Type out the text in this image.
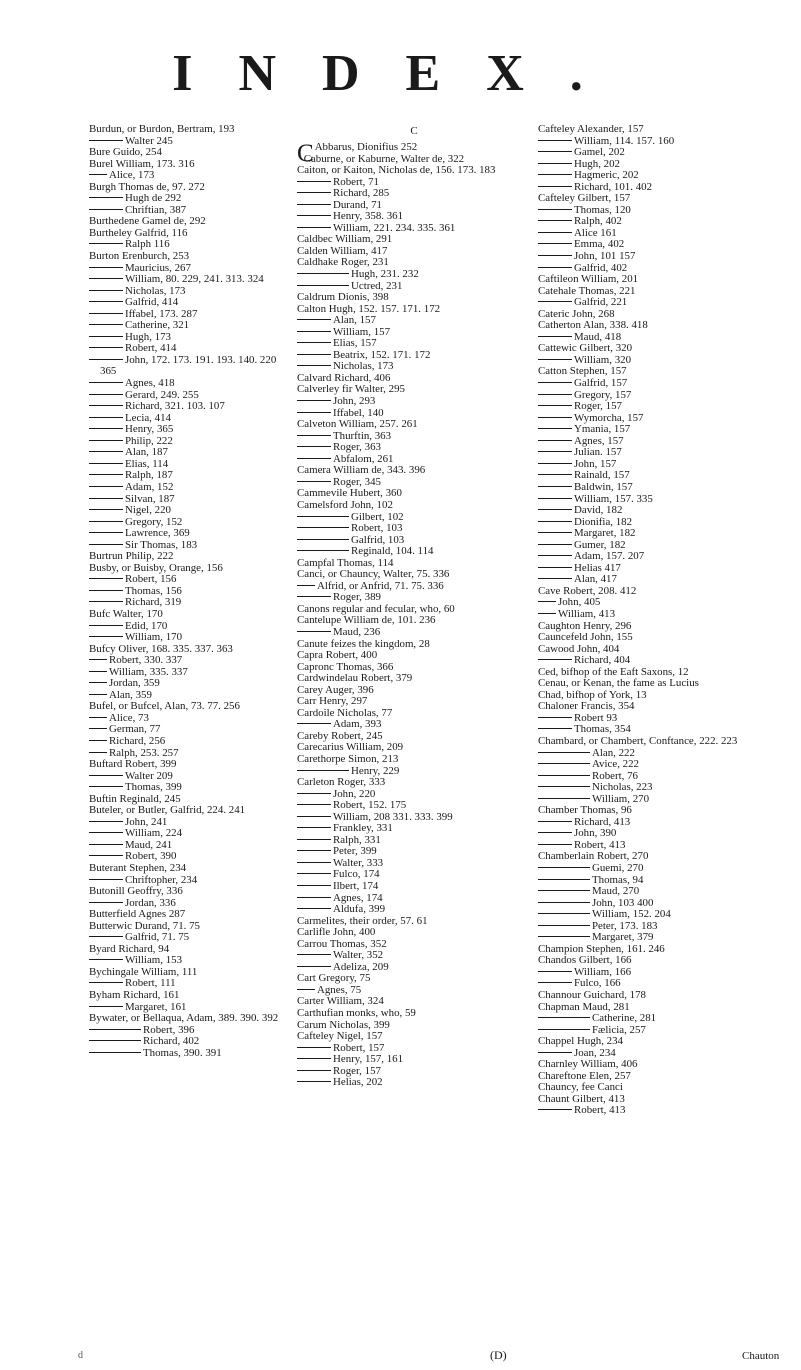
INDEX.
Burdun, or Burdon, Bertram, 193
Walter 245
Bure Guido, 254
Burel William, 173. 316
Alice, 173
Burgh Thomas de, 97. 272
Hugh de 292
Chriftian, 387
Burthedene Gamel de, 292
Burtheley Galfrid, 116
Ralph 116
Burton Erenburch, 253
Mauricius, 267
William, 80. 229, 241. 313. 324
Nicholas, 173
Galfrid, 414
Iffabel, 173. 287
Catherine, 321
Hugh, 173
Robert, 414
John, 172. 173. 191. 193. 140. 220 365
Agnes, 418
Gerard, 249. 255
Richard, 321. 103. 107
Lecia, 414
Henry, 365
Philip, 222
Alan, 187
Elias, 114
Ralph, 187
Adam, 152
Silvan, 187
Nigel, 220
Gregory, 152
Lawrence, 369
Sir Thomas, 183
Burtrun Philip, 222
Busby, or Buisby, Orange, 156
Robert, 156
Thomas, 156
Richard, 319
Bufc Walter, 170
Edid, 170
William, 170
Bufcy Oliver, 168. 335. 337. 363
Robert, 330. 337
William, 335. 337
Jordan, 359
Alan, 359
Bufel, or Bufcel, Alan, 73. 77. 256
Alice, 73
German, 77
Richard, 256
Ralph, 253. 257
Buftard Robert, 399
Walter 209
Thomas, 399
Buftin Reginald, 245
Buteler, or Butler, Galfrid, 224. 241
John, 241
William, 224
Maud, 241
Robert, 390
Buterant Stephen, 234
Chriftopher, 234
Butonill Geoffry, 336
Jordan, 336
Butterfield Agnes 287
Butterwic Durand, 71. 75
Galfrid, 71. 75
Byard Richard, 94
William, 153
Bychingale William, 111
Robert, 111
Byham Richard, 161
Margaret, 161
Bywater, or Bellaqua, Adam, 389. 390. 392
Robert, 396
Richard, 402
Thomas, 390. 391
C
C Abbarus, Dionifius 252
Caburne, or Kaburne, Walter de, 322
Caiton, or Kaiton, Nicholas de, 156. 173. 183
Robert, 71
Richard, 285
Durand, 71
Henry, 358. 361
William, 221. 234. 335. 361
Caldbec William, 291
Calden William, 417
Caldhake Roger, 231
Hugh, 231. 232
Uctred, 231
Caldrum Dionis, 398
Calton Hugh, 152. 157. 171. 172
Alan, 157
William, 157
Elias, 157
Beatrix, 152. 171. 172
Nicholas, 173
Calvard Richard, 406
Calverley fir Walter, 295
John, 293
Iffabel, 140
Calveton William, 257. 261
Thurftin, 363
Roger, 363
Abfalom, 261
Camera William de, 343. 396
Roger, 345
Cammevile Hubert, 360
Camelsford John, 102
Gilbert, 102
Robert, 103
Galfrid, 103
Reginald, 104. 114
Campfal Thomas, 114
Canci, or Chauncy, Walter, 75. 336
Alfrid, or Anfrid, 71. 75. 336
Roger, 389
Canons regular and fecular, who, 60
Cantelupe William de, 101. 236
Maud, 236
Canute feizes the kingdom, 28
Capra Robert, 400
Capronc Thomas, 366
Cardwindelau Robert, 379
Carey Auger, 396
Carr Henry, 297
Cardoile Nicholas, 77
Adam, 393
Careby Robert, 245
Carecarius William, 209
Carethorpe Simon, 213
Henry, 229
Carleton Roger, 333
John, 220
Robert, 152. 175
William, 208 331. 333. 399
Frankley, 331
Ralph, 331
Peter, 399
Walter, 333
Fulco, 174
Ilbert, 174
Agnes, 174
Aldufa, 399
Carmelites, their order, 57. 61
Carlifle John, 400
Carrou Thomas, 352
Walter, 352
Adeliza, 209
Cart Gregory, 75
Agnes, 75
Carter William, 324
Carthufian monks, who, 59
Carum Nicholas, 399
Cafteley Nigel, 157
Robert, 157
Henry, 157, 161
Roger, 157
Helias, 202
Cafteley Alexander, 157
William, 114. 157. 160
Gamel, 202
Hugh, 202
Hagmeric, 202
Richard, 101. 402
Cafteley Gilbert, 157
Thomas, 120
Ralph, 402
Alice 161
Emma, 402
John, 101 157
Galfrid, 402
Caftileon William, 201
Catehale Thomas, 221
Galfrid, 221
Cateric John, 268
Catherton Alan, 338. 418
Maud, 418
Cattewic Gilbert, 320
William, 320
Catton Stephen, 157
Galfrid, 157
Gregory, 157
Roger, 157
Wymorcha, 157
Ymania, 157
Agnes, 157
Julian. 157
John, 157
Rainald, 157
Baldwin, 157
William, 157. 335
David, 182
Dionifia, 182
Margaret, 182
Gumer, 182
Adam, 157. 207
Helias 417
Alan, 417
Cave Robert, 208. 412
John, 405
William, 413
Caughton Henry, 296
Cauncefeld John, 155
Cawood John, 404
Richard, 404
Ced, bifhop of the Eaft Saxons, 12
Cenau, or Kenan, the fame as Lucius
Chad, bifhop of York, 13
Chaloner Francis, 354
Robert 93
Thomas, 354
Chambard, or Chambert, Conftance, 222. 223
Alan, 222
Avice, 222
Robert, 76
Nicholas, 223
William, 270
Chamber Thomas, 96
Richard, 413
John, 390
Robert, 413
Chamberlain Robert, 270
Guemi, 270
Thomas, 94
Maud, 270
John, 103 400
William, 152. 204
Peter, 173. 183
Margaret, 379
Champion Stephen, 161. 246
Chandos Gilbert, 166
William, 166
Fulco, 166
Channour Guichard, 178
Chapman Maud, 281
Catherine, 281
Fælicia, 257
Chappel Hugh, 234
Joan, 234
Charnley William, 406
Chareftone Elen, 257
Chauncy, fee Canci
Chaunt Gilbert, 413
Robert, 413
d	(D)	Chauton
